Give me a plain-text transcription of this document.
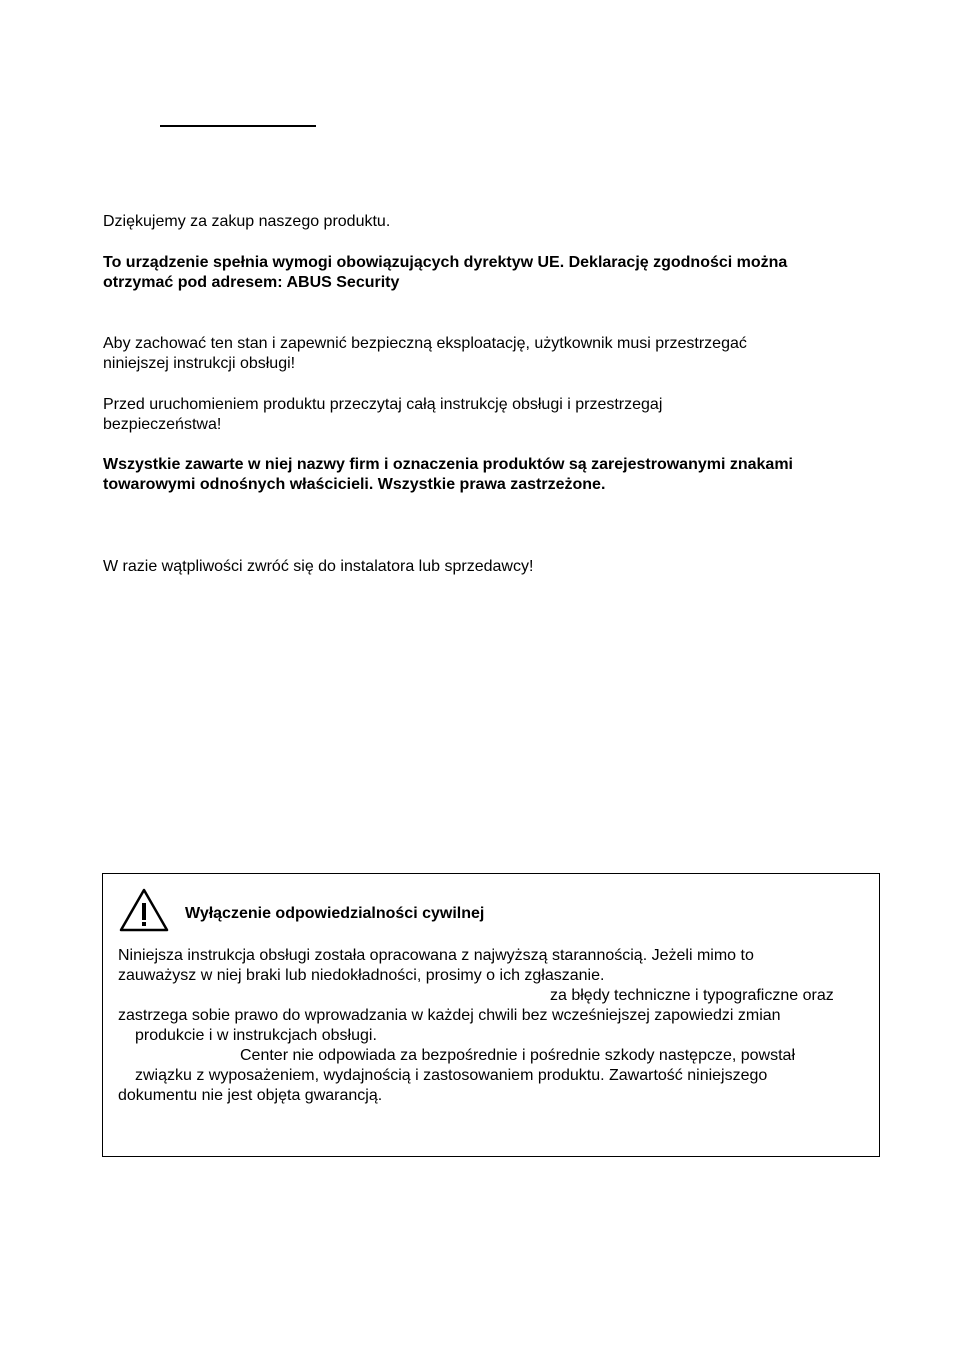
Dziękujemy za zakup naszego produktu.

To urządzenie spełnia wymogi obowiązujących dyrektyw UE. Deklarację zgodności można
otrzymać pod adresem: ABUS Security

Aby zachować ten stan i zapewnić bezpieczną eksploatację, użytkownik musi przestrzegać
niniejszej instrukcji obsługi!

Przed uruchomieniem produktu przeczytaj całą instrukcję obsługi i przestrzegaj
bezpieczeństwa!

Wszystkie zawarte w niej nazwy firm i oznaczenia produktów są zarejestrowanymi znakami
towarowymi odnośnych właścicieli. Wszystkie prawa zastrzeżone.

W razie wątpliwości zwróć się do instalatora lub sprzedawcy!

Wyłączenie odpowiedzialności cywilnej
Niniejsza instrukcja obsługi została opracowana z najwyższą starannością. Jeżeli mimo to
zauważysz w niej braki lub niedokładności, prosimy o ich zgłaszanie.
za błędy techniczne i typograficzne oraz
zastrzega sobie prawo do wprowadzania w każdej chwili bez wcześniejszej zapowiedzi zmian
produkcie i w instrukcjach obsługi.
Center nie odpowiada za bezpośrednie i pośrednie szkody następcze, powstał
związku z wyposażeniem, wydajnością i zastosowaniem produktu. Zawartość niniejszego
dokumentu nie jest objęta gwarancją.
